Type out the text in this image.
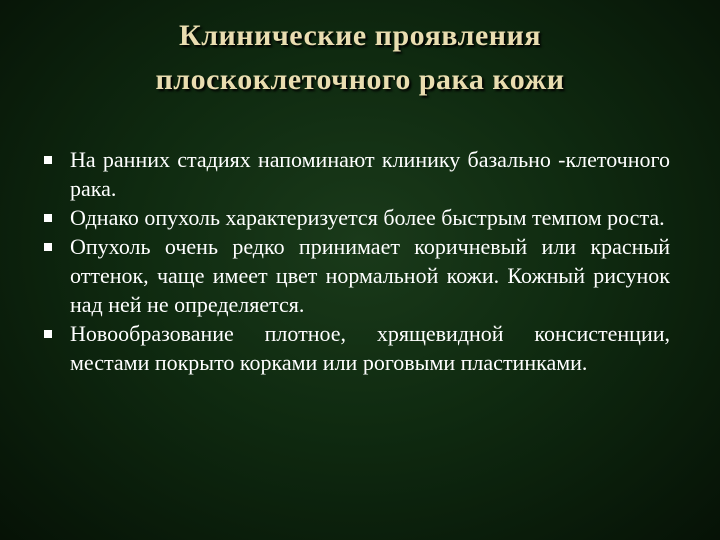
Клинические проявления
плоскоклеточного рака кожи
На ранних стадиях напоминают клинику базально -клеточного рака.
Однако опухоль характеризуется более быстрым темпом роста.
Опухоль очень редко принимает коричневый или красный оттенок, чаще имеет цвет нормальной кожи. Кожный рисунок над ней не определяется.
Новообразование плотное, хрящевидной консистенции, местами покрыто корками или роговыми пластинками.
